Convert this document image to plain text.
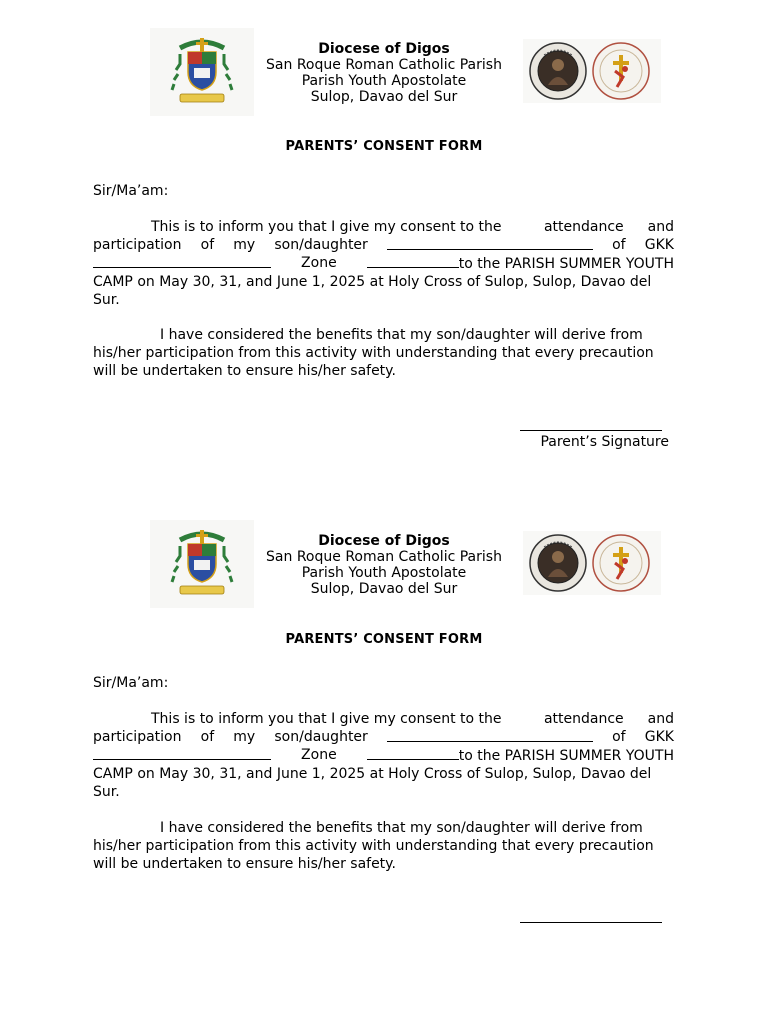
Diocese of Digos
San Roque Roman Catholic Parish
Parish Youth Apostolate
Sulop, Davao del Sur
PARENTS’ CONSENT FORM
Sir/Ma’am:
This is to inform you that I give my consent to the	attendance and
participation of my son/daughter	of GKK
Zone	to the PARISH SUMMER YOUTH
CAMP on May 30, 31, and June 1, 2025 at Holy Cross of Sulop, Sulop, Davao del
Sur.
I have considered the benefits that my son/daughter will derive from
his/her participation from this activity with understanding that every precaution
will be undertaken to ensure his/her safety.
Parent’s Signature
Diocese of Digos
San Roque Roman Catholic Parish
Parish Youth Apostolate
Sulop, Davao del Sur
PARENTS’ CONSENT FORM
Sir/Ma’am:
This is to inform you that I give my consent to the	attendance and
participation of my son/daughter	of GKK
Zone	to the PARISH SUMMER YOUTH
CAMP on May 30, 31, and June 1, 2025 at Holy Cross of Sulop, Sulop, Davao del
Sur.
I have considered the benefits that my son/daughter will derive from
his/her participation from this activity with understanding that every precaution
will be undertaken to ensure his/her safety.
